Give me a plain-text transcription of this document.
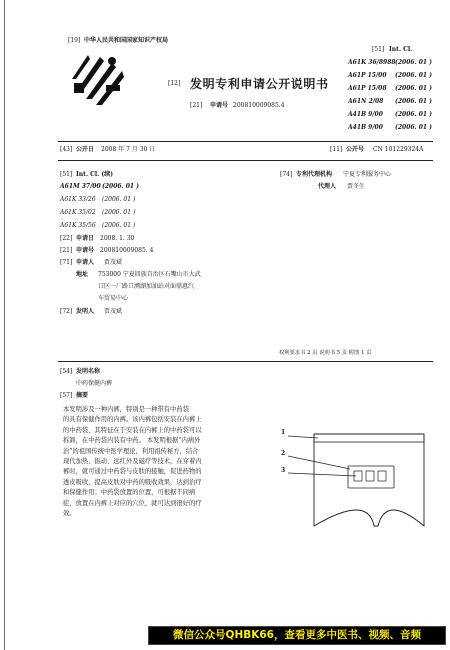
[19] 中华人民共和国国家知识产权局
[12] 发明专利申请公开说明书
[21] 申请号 200810009085.4
[51] Int. Cl.
A61K 36/8988 (2006. 01 )
A61P 15/00 (2006. 01 )
A61P 15/08 (2006. 01 )
A61N 2/08 (2006. 01 )
A41B 9/00 (2006. 01 )
A41B 9/00 (2006. 01 )
[43] 公开日 2008 年 7 月 30 日	[11] 公开号 CN 101229324A
[51] Int. Cl. (续)
A61M 37/00 (2006. 01 )
A61K 33/26 (2006. 01 )
A61K 35/02 (2006. 01 )
A61K 35/56 (2006. 01 )
[22] 申请日 2008. 1. 30
[21] 申请号 200810009085. 4
[71] 申请人 贾茂斌
地址 753000 宁夏回族自治区石嘴山市大武
口区一厂路口溯湖加油站对面鼎惠汽
车贸易中心
[72] 发明人 贾茂斌
[74] 专利代理机构 宁夏专利服务中心
代理人 贾冬生
权利要求书 2 页 说明书 5 页 附图 1 页
[54] 发明名称
中药保健内裤
[57] 摘要
本发明涉及一种内裤，特别是一种带有中药袋
的具有保健作用的内裤。该内裤包括安装在内裤上
的中药袋，其特征在于安装在内裤上的中药袋可以
拆卸，在中药袋内装有中药。 本发明根据“内病外
治”的祖国传统中医学理论，利用祖传秘方，结合
现代加热、振动、远红外及磁疗等技术，在穿着内
裤时，就可通过中药袋与皮肤的接触，促进药物的
透皮吸收，提高皮肤对中药的吸收效果，达到治疗
和保健作用；中药袋放置的位置，可根据不同病
症，放置在内裤上对应的穴位，就可达到很好的疗
效。
1
2
3
微信公众号QHBK66，查看更多中医书、视频、音频
